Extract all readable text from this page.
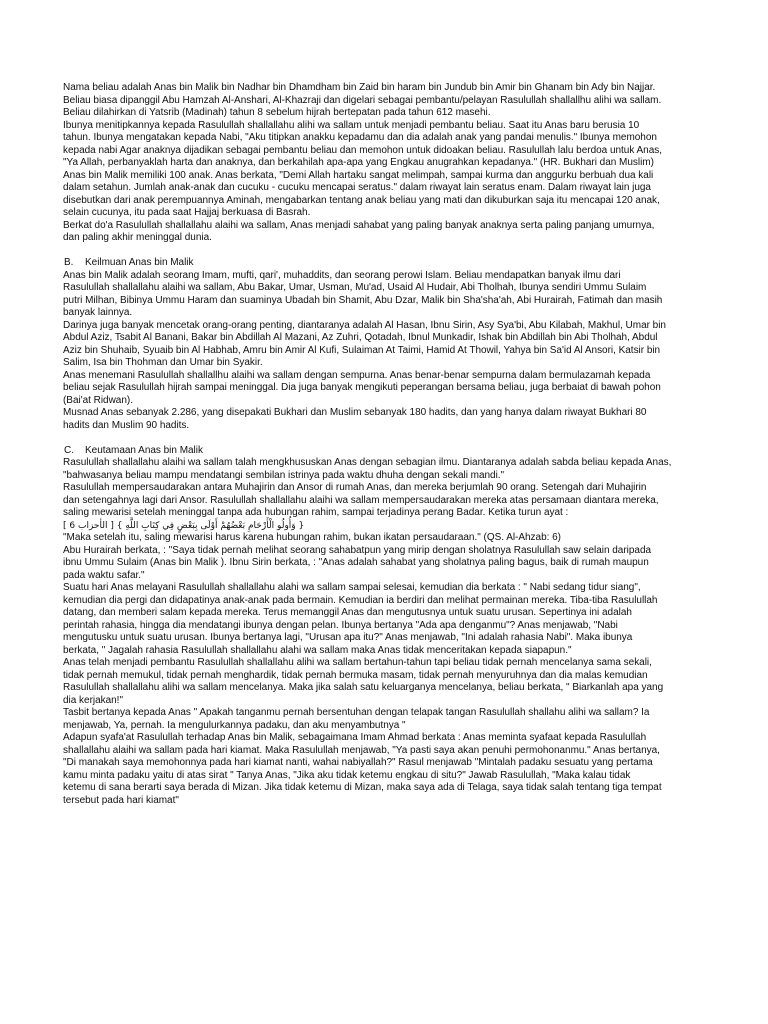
Nama beliau adalah Anas bin Malik bin Nadhar bin Dhamdham bin Zaid bin haram bin Jundub bin Amir bin Ghanam bin Ady bin Najjar.
Beliau biasa dipanggil Abu Hamzah Al-Anshari, Al-Khazraji dan digelari sebagai pembantu/pelayan Rasulullah shallallhu alihi wa sallam.
Beliau dilahirkan di Yatsrib (Madinah) tahun 8 sebelum hijrah bertepatan pada tahun 612 masehi.
Ibunya menitipkannya kepada Rasulullah shallallahu alihi wa sallam untuk menjadi pembantu beliau. Saat itu Anas baru berusia 10
tahun. Ibunya mengatakan kepada Nabi, "Aku titipkan anakku kepadamu dan dia adalah anak yang pandai menulis." Ibunya memohon
kepada nabi Agar anaknya dijadikan sebagai pembantu beliau dan memohon untuk didoakan beliau. Rasulullah lalu berdoa untuk Anas,
"Ya Allah, perbanyaklah harta dan anaknya, dan berkahilah apa-apa yang Engkau anugrahkan kepadanya." (HR. Bukhari dan Muslim)
Anas bin Malik memiliki 100 anak. Anas berkata, "Demi Allah hartaku sangat melimpah, sampai kurma dan anggurku berbuah dua kali
dalam setahun. Jumlah anak-anak dan cucuku - cucuku mencapai seratus." dalam riwayat lain seratus enam. Dalam riwayat lain juga
disebutkan dari anak perempuannya Aminah, mengabarkan tentang anak beliau yang mati dan dikuburkan saja itu mencapai 120 anak,
selain cucunya, itu pada saat Hajjaj berkuasa di Basrah.
Berkat do'a Rasulullah shallallahu alaihi wa sallam, Anas menjadi sahabat yang paling banyak anaknya serta paling panjang umurnya,
dan paling akhir meninggal dunia.
B. Keilmuan Anas bin Malik
Anas bin Malik adalah seorang Imam, mufti, qari', muhaddits, dan seorang perowi Islam. Beliau mendapatkan banyak ilmu dari
Rasulullah shallallahu alaihi wa sallam, Abu Bakar, Umar, Usman, Mu'ad, Usaid Al Hudair, Abi Tholhah, Ibunya sendiri Ummu Sulaim
putri Milhan, Bibinya Ummu Haram dan suaminya Ubadah bin Shamit, Abu Dzar, Malik bin Sha'sha'ah, Abi Hurairah, Fatimah dan masih
banyak lainnya.
Darinya juga banyak mencetak orang-orang penting, diantaranya adalah Al Hasan, Ibnu Sirin, Asy Sya'bi, Abu Kilabah, Makhul, Umar bin
Abdul Aziz, Tsabit Al Banani, Bakar bin Abdillah Al Mazani, Az Zuhri, Qotadah, Ibnul Munkadir, Ishak bin Abdillah bin Abi Tholhah, Abdul
Aziz bin Shuhaib, Syuaib bin Al Habhab, Amru bin Amir Al Kufi, Sulaiman At Taimi, Hamid At Thowil, Yahya bin Sa'id Al Ansori, Katsir bin
Salim, Isa bin Thohman dan Umar bin Syakir.
Anas menemani Rasulullah shallallhu alaihi wa sallam dengan sempurna. Anas benar-benar sempurna dalam bermulazamah kepada
beliau sejak Rasulullah hijrah sampai meninggal. Dia juga banyak mengikuti peperangan bersama beliau, juga berbaiat di bawah pohon
(Bai'at Ridwan).
Musnad Anas sebanyak 2.286, yang disepakati Bukhari dan Muslim sebanyak 180 hadits, dan yang hanya dalam riwayat Bukhari 80
hadits dan Muslim 90 hadits.
C. Keutamaan Anas bin Malik
Rasulullah shallallahu alaihi wa sallam talah mengkhususkan Anas dengan sebagian ilmu. Diantaranya adalah sabda beliau kepada Anas,
"bahwasanya beliau mampu mendatangi sembilan istrinya pada waktu dhuha dengan sekali mandi."
Rasulullah mempersaudarakan antara Muhajirin dan Ansor di rumah Anas, dan mereka berjumlah 90 orang. Setengah dari Muhajirin
dan setengahnya lagi dari Ansor. Rasulullah shallallahu alaihi wa sallam mempersaudarakan mereka atas persamaan diantara mereka,
saling mewarisi setelah meninggal tanpa ada hubungan rahim, sampai terjadinya perang Badar. Ketika turun ayat :
{ وَأُولُو الْأَرْحَامِ بَعْضُهُمْ أَوْلَى بِبَعْضٍ فِي كِتَابِ اللَّهِ } [ الأحزاب 6 ]
"Maka setelah itu, saling mewarisi harus karena hubungan rahim, bukan ikatan persaudaraan." (QS. Al-Ahzab: 6)
Abu Hurairah berkata, : "Saya tidak pernah melihat seorang sahabatpun yang mirip dengan sholatnya Rasulullah saw selain daripada
ibnu Ummu Sulaim (Anas bin Malik ). Ibnu Sirin berkata, : "Anas adalah sahabat yang sholatnya paling bagus, baik di rumah maupun
pada waktu safar."
Suatu hari Anas melayani Rasulullah shallallahu alahi wa sallam sampai selesai, kemudian dia berkata : " Nabi sedang tidur siang",
kemudian dia pergi dan didapatinya anak-anak pada bermain. Kemudian ia berdiri dan melihat permainan mereka. Tiba-tiba Rasulullah
datang, dan memberi salam kepada mereka. Terus memanggil Anas dan mengutusnya untuk suatu urusan. Sepertinya ini adalah
perintah rahasia, hingga dia mendatangi ibunya dengan pelan. Ibunya bertanya "Ada apa denganmu"? Anas menjawab, "Nabi
mengutusku untuk suatu urusan. Ibunya bertanya lagi, "Urusan apa itu?" Anas menjawab, "Ini adalah rahasia Nabi". Maka ibunya
berkata, " Jagalah rahasia Rasulullah shallallahu alahi wa sallam maka Anas tidak menceritakan kepada siapapun."
Anas telah menjadi pembantu Rasulullah shallallahu alihi wa sallam bertahun-tahun tapi beliau tidak pernah mencelanya sama sekali,
tidak pernah memukul, tidak pernah menghardik, tidak pernah bermuka masam, tidak pernah menyuruhnya dan dia malas kemudian
Rasulullah shallallahu alihi wa sallam mencelanya. Maka jika salah satu keluarganya mencelanya, beliau berkata, " Biarkanlah apa yang
dia kerjakan!"
Tasbit bertanya kepada Anas " Apakah tanganmu pernah bersentuhan dengan telapak tangan Rasulullah shallahu alihi wa sallam? Ia
menjawab, Ya, pernah. Ia mengulurkannya padaku, dan aku menyambutnya "
Adapun syafa'at Rasulullah terhadap Anas bin Malik, sebagaimana Imam Ahmad berkata : Anas meminta syafaat kepada Rasulullah
shallallahu alaihi wa sallam pada hari kiamat. Maka Rasulullah menjawab, "Ya pasti saya akan penuhi permohonanmu." Anas bertanya,
"Di manakah saya memohonnya pada hari kiamat nanti, wahai nabiyallah?" Rasul menjawab "Mintalah padaku sesuatu yang pertama
kamu minta padaku yaitu di atas sirat " Tanya Anas, "Jika aku tidak ketemu engkau di situ?" Jawab Rasulullah, "Maka kalau tidak
ketemu di sana berarti saya berada di Mizan. Jika tidak ketemu di Mizan, maka saya ada di Telaga, saya tidak salah tentang tiga tempat
tersebut pada hari kiamat"
